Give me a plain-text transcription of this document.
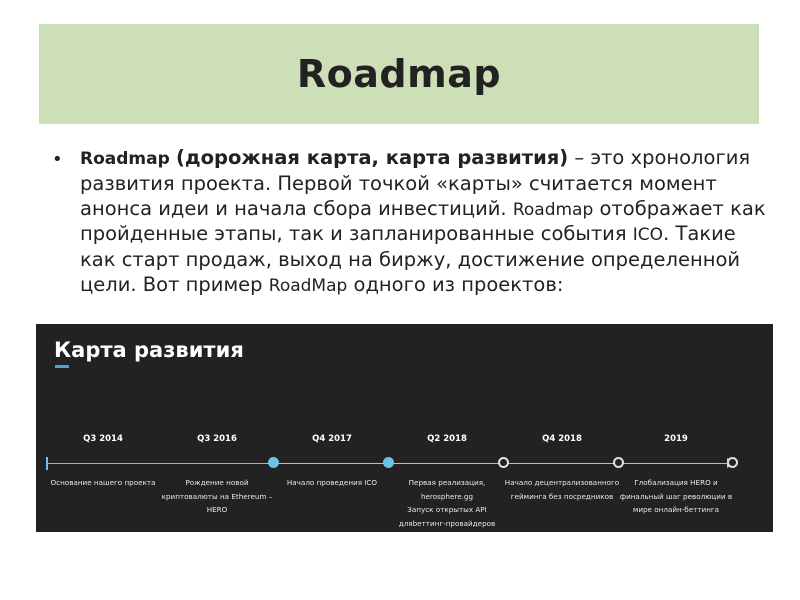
Roadmap
• Roadmap (дорожная карта, карта развития) – это хронология развития проекта. Первой точкой «карты» считается момент анонса идеи и начала сбора инвестиций. Roadmap отображает как пройденные этапы, так и запланированные события ICO. Такие как старт продаж, выход на биржу, достижение определенной цели. Вот пример RoadMap одного из проектов:
Карта развития
Q3 2014
Основание нашего проекта
Q3 2016
Рождение новой
криптовалюты на Ethereum –
HERO
Q4 2017
Начало проведения ICO
Q2 2018
Первая реализация,
herosphere.gg
Запуск открытых API
дляbеттинг-провайдеров
Q4 2018
Начало децентрализованного
гейминга без посредников
2019
Глобализация HERO и
финальный шаг революции в
мире онлайн-беттинга
